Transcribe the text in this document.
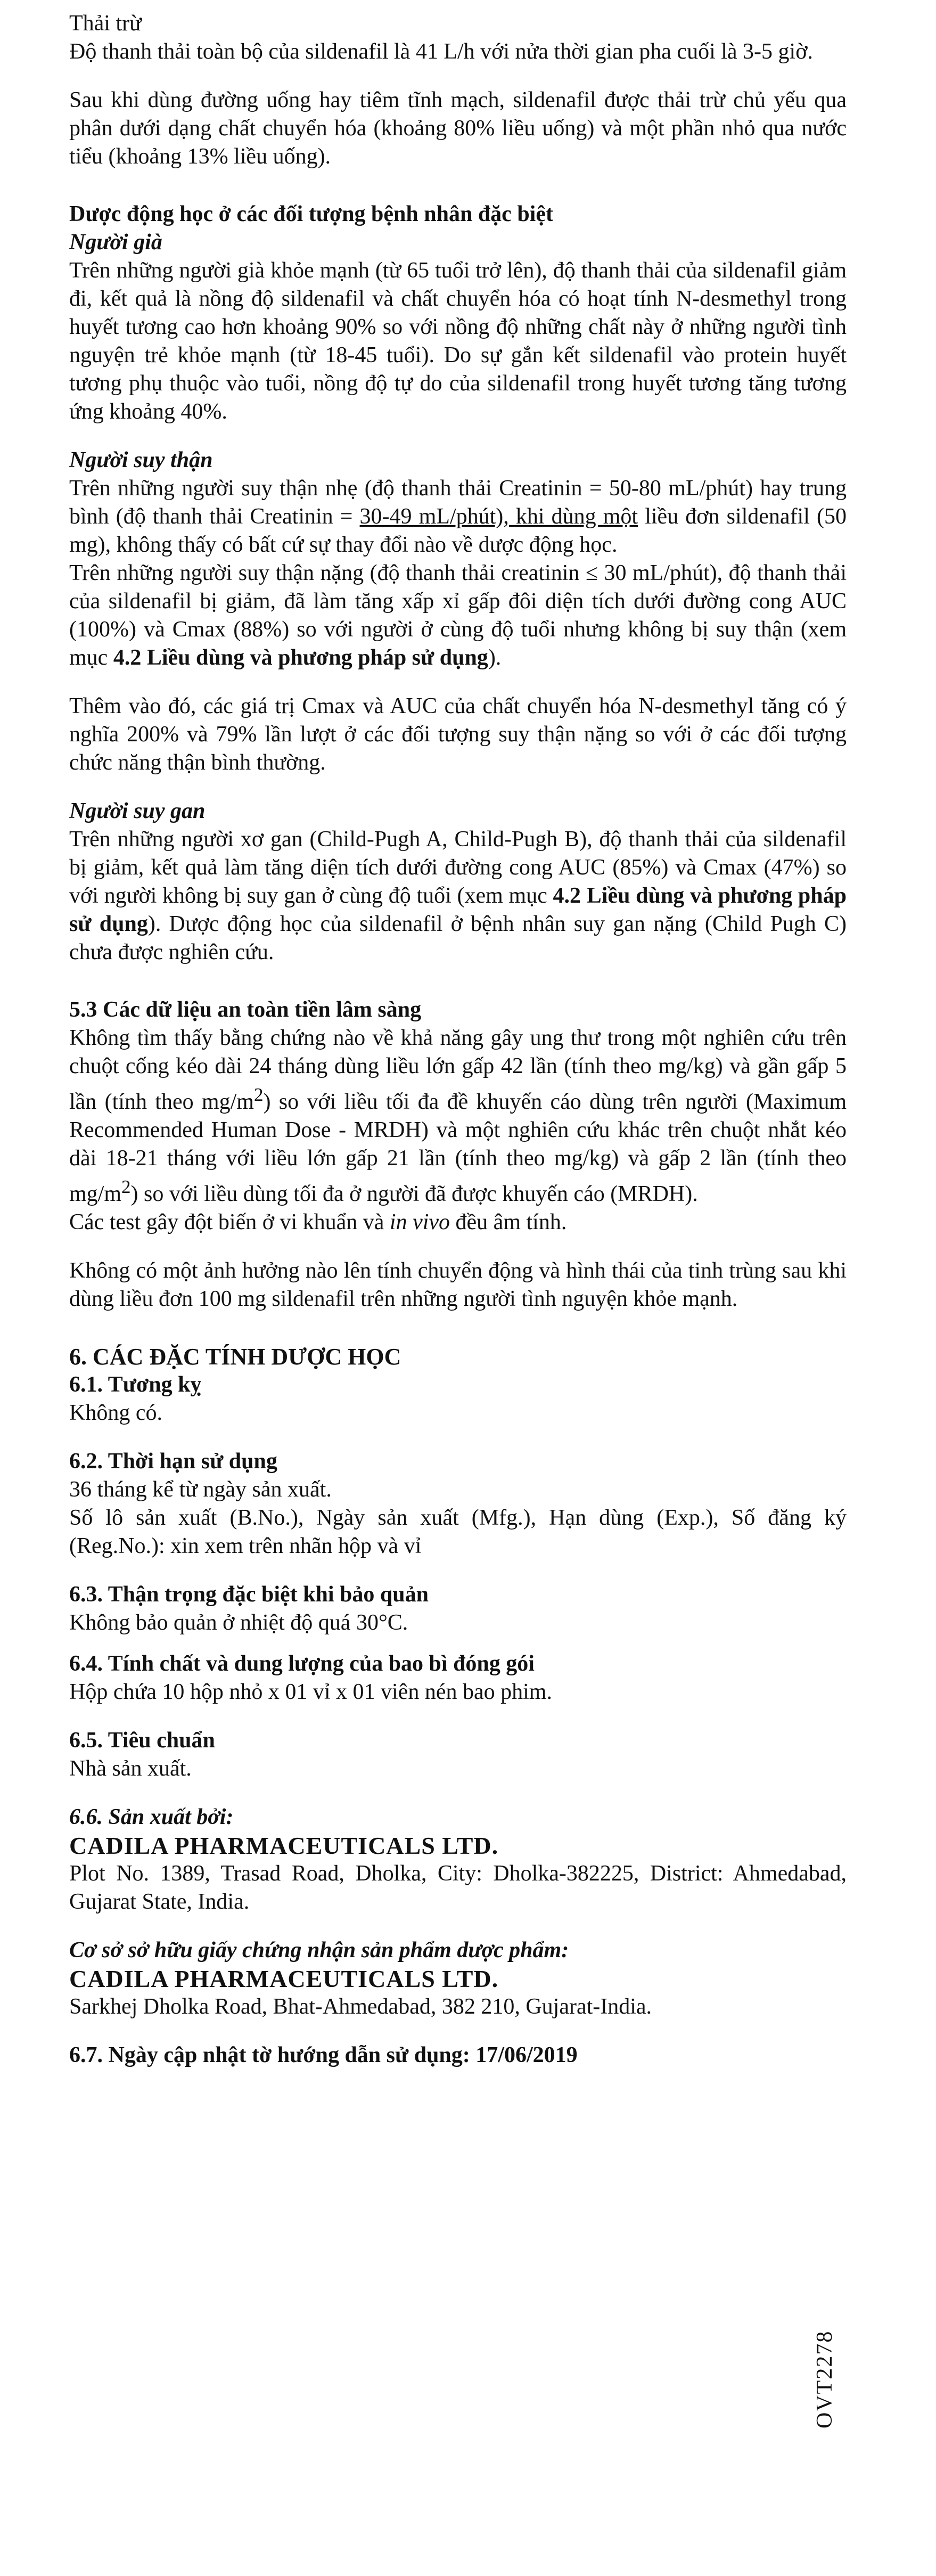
Thải trừ

Độ thanh thải toàn bộ của sildenafil là 41 L/h với nửa thời gian pha cuối là 3-5 giờ.

Sau khi dùng đường uống hay tiêm tĩnh mạch, sildenafil được thải trừ chủ yếu qua phân dưới dạng chất chuyển hóa (khoảng 80% liều uống) và một phần nhỏ qua nước tiểu (khoảng 13% liều uống).

Dược động học ở các đối tượng bệnh nhân đặc biệt

Người già

Trên những người già khỏe mạnh (từ 65 tuổi trở lên), độ thanh thải của sildenafil giảm đi, kết quả là nồng độ sildenafil và chất chuyển hóa có hoạt tính N-desmethyl trong huyết tương cao hơn khoảng 90% so với nồng độ những chất này ở những người tình nguyện trẻ khỏe mạnh (từ 18-45 tuổi). Do sự gắn kết sildenafil vào protein huyết tương phụ thuộc vào tuổi, nồng độ tự do của sildenafil trong huyết tương tăng tương ứng khoảng 40%.

Người suy thận

Trên những người suy thận nhẹ (độ thanh thải Creatinin = 50-80 mL/phút) hay trung bình (độ thanh thải Creatinin = 30-49 mL/phút), khi dùng một liều đơn sildenafil (50 mg), không thấy có bất cứ sự thay đổi nào về dược động học.

Trên những người suy thận nặng (độ thanh thải creatinin ≤ 30 mL/phút), độ thanh thải của sildenafil bị giảm, đã làm tăng xấp xỉ gấp đôi diện tích dưới đường cong AUC (100%) và Cmax (88%) so với người ở cùng độ tuổi nhưng không bị suy thận (xem mục 4.2 Liều dùng và phương pháp sử dụng).

Thêm vào đó, các giá trị Cmax và AUC của chất chuyển hóa N-desmethyl tăng có ý nghĩa 200% và 79% lần lượt ở các đối tượng suy thận nặng so với ở các đối tượng chức năng thận bình thường.

Người suy gan

Trên những người xơ gan (Child-Pugh A, Child-Pugh B), độ thanh thải của sildenafil bị giảm, kết quả làm tăng diện tích dưới đường cong AUC (85%) và Cmax (47%) so với người không bị suy gan ở cùng độ tuổi (xem mục 4.2 Liều dùng và phương pháp sử dụng). Dược động học của sildenafil ở bệnh nhân suy gan nặng (Child Pugh C) chưa được nghiên cứu.

5.3 Các dữ liệu an toàn tiền lâm sàng

Không tìm thấy bằng chứng nào về khả năng gây ung thư trong một nghiên cứu trên chuột cống kéo dài 24 tháng dùng liều lớn gấp 42 lần (tính theo mg/kg) và gần gấp 5 lần (tính theo $mg/m^2$) so với liều tối đa đề khuyến cáo dùng trên người (Maximum Recommended Human Dose - MRDH) và một nghiên cứu khác trên chuột nhắt kéo dài 18-21 tháng với liều lớn gấp 21 lần (tính theo mg/kg) và gấp 2 lần (tính theo $mg/m^2$) so với liều dùng tối đa ở người đã được khuyến cáo (MRDH).

Các test gây đột biến ở vi khuẩn và in vivo đều âm tính.

Không có một ảnh hưởng nào lên tính chuyển động và hình thái của tinh trùng sau khi dùng liều đơn 100 mg sildenafil trên những người tình nguyện khỏe mạnh.

6. CÁC ĐẶC TÍNH DƯỢC HỌC

6.1. Tương kỵ

Không có.

6.2. Thời hạn sử dụng

36 tháng kể từ ngày sản xuất.

Số lô sản xuất (B.No.), Ngày sản xuất (Mfg.), Hạn dùng (Exp.), Số đăng ký (Reg.No.): xin xem trên nhãn hộp và vỉ

6.3. Thận trọng đặc biệt khi bảo quản

Không bảo quản ở nhiệt độ quá 30°C.

6.4. Tính chất và dung lượng của bao bì đóng gói

Hộp chứa 10 hộp nhỏ x 01 vỉ x 01 viên nén bao phim.

6.5. Tiêu chuẩn

Nhà sản xuất.

6.6. Sản xuất bởi:

CADILA PHARMACEUTICALS LTD.

Plot No. 1389, Trasad Road, Dholka, City: Dholka-382225, District: Ahmedabad, Gujarat State, India.

Cơ sở sở hữu giấy chứng nhận sản phẩm dược phẩm:

CADILA PHARMACEUTICALS LTD.

Sarkhej Dholka Road, Bhat-Ahmedabad, 382 210, Gujarat-India.

6.7. Ngày cập nhật tờ hướng dẫn sử dụng: 17/06/2019

OVT2278
